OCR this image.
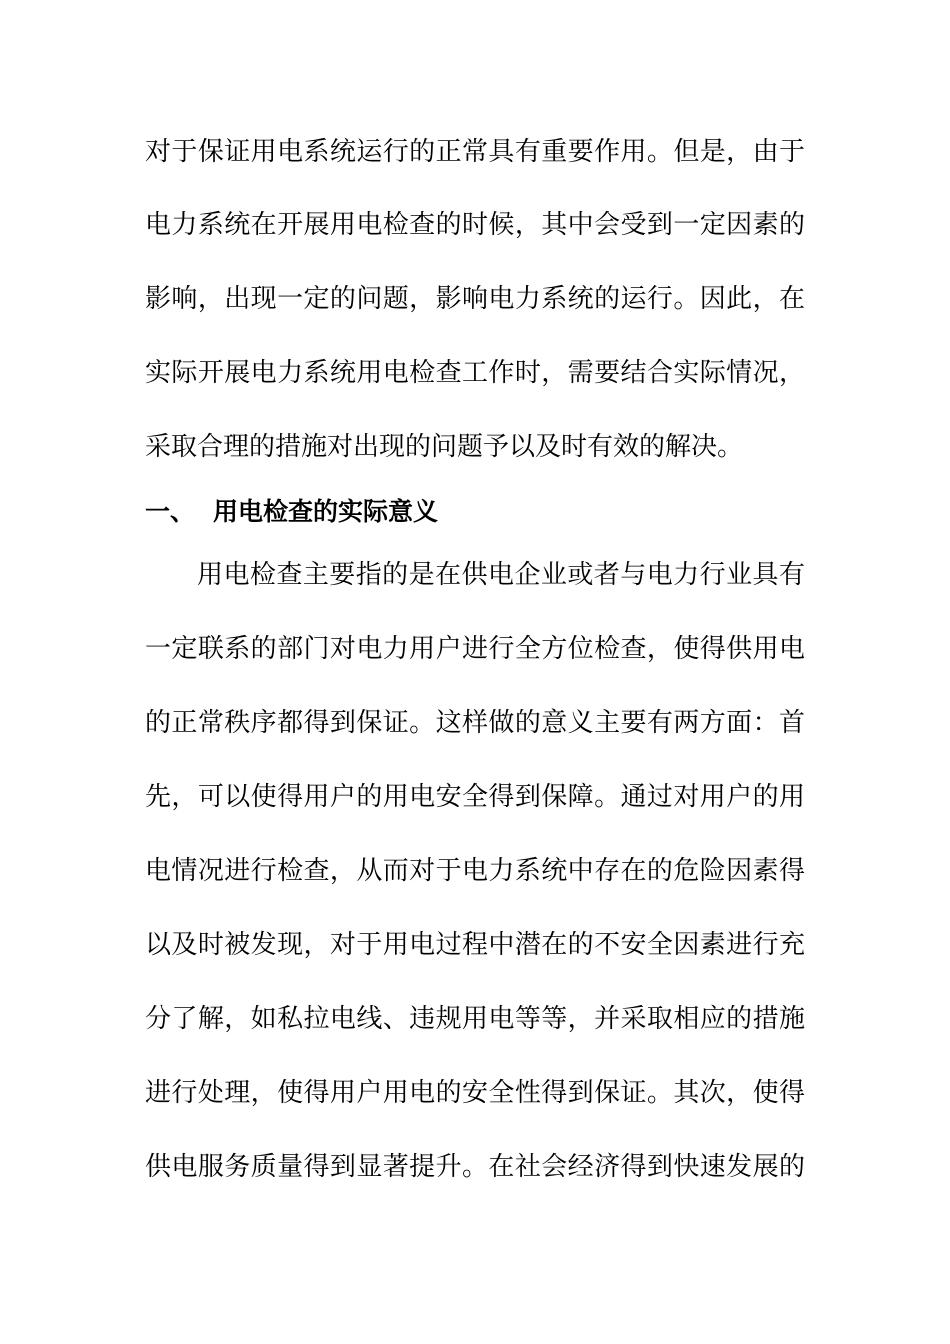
对于保证用电系统运行的正常具有重要作用。但是，由于
电力系统在开展用电检查的时候，其中会受到一定因素的
影响，出现一定的问题，影响电力系统的运行。因此，在
实际开展电力系统用电检查工作时，需要结合实际情况，
采取合理的措施对出现的问题予以及时有效的解决。
一、 用电检查的实际意义
用电检查主要指的是在供电企业或者与电力行业具有
一定联系的部门对电力用户进行全方位检查，使得供用电
的正常秩序都得到保证。这样做的意义主要有两方面：首
先，可以使得用户的用电安全得到保障。通过对用户的用
电情况进行检查，从而对于电力系统中存在的危险因素得
以及时被发现，对于用电过程中潜在的不安全因素进行充
分了解，如私拉电线、违规用电等等，并采取相应的措施
进行处理，使得用户用电的安全性得到保证。其次，使得
供电服务质量得到显著提升。在社会经济得到快速发展的
